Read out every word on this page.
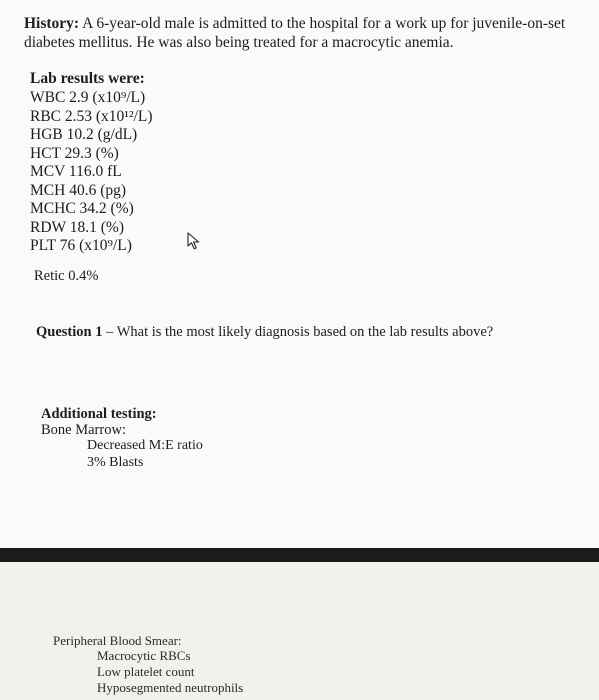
History: A 6-year-old male is admitted to the hospital for a work up for juvenile-on-set diabetes mellitus. He was also being treated for a macrocytic anemia.
Lab results were:
WBC 2.9 (x10⁹/L)
RBC 2.53 (x10¹²/L)
HGB 10.2 (g/dL)
HCT 29.3 (%)
MCV 116.0 fL
MCH 40.6 (pg)
MCHC 34.2 (%)
RDW 18.1 (%)
PLT 76 (x10⁹/L)
Retic 0.4%
Question 1 – What is the most likely diagnosis based on the lab results above?
Additional testing:
Bone Marrow:
Decreased M:E ratio
3% Blasts
Peripheral Blood Smear:
Macrocytic RBCs
Low platelet count
Hyposegmented neutrophils
